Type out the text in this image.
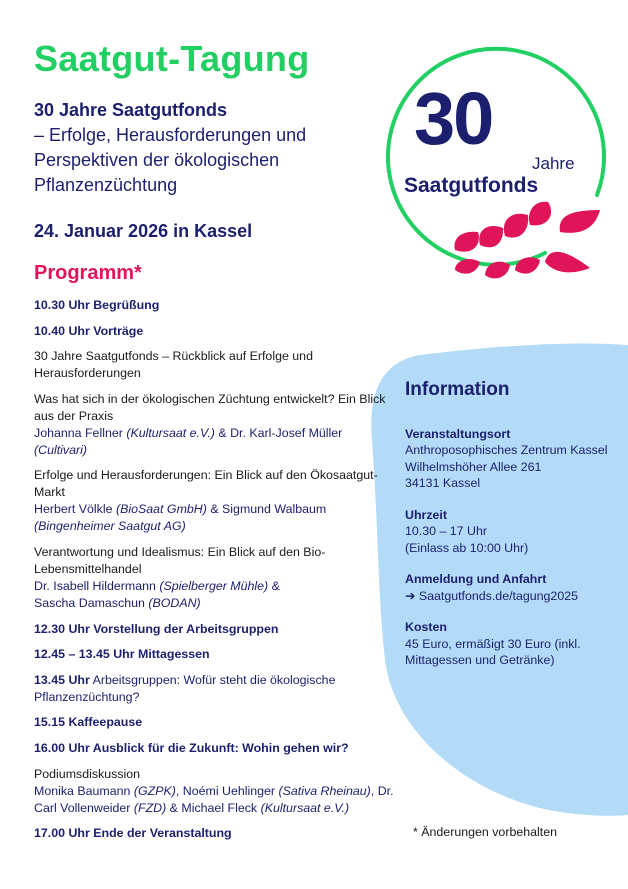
30
Jahre
Saatgutfonds
Saatgut-Tagung
30 Jahre Saatgutfonds
– Erfolge, Herausforderungen und Perspektiven der ökologischen Pflanzenzüchtung
24. Januar 2026 in Kassel
Programm*
10.30 Uhr Begrüßung
10.40 Uhr Vorträge
30 Jahre Saatgutfonds – Rückblick auf Erfolge und Herausforderungen
Was hat sich in der ökologischen Züchtung entwickelt? Ein Blick aus der Praxis
Johanna Fellner (Kultursaat e.V.) & Dr. Karl-Josef Müller (Cultivari)
Erfolge und Herausforderungen: Ein Blick auf den Ökosaatgut-Markt
Herbert Völkle (BioSaat GmbH) & Sigmund Walbaum (Bingenheimer Saatgut AG)
Verantwortung und Idealismus: Ein Blick auf den Bio-Lebensmittelhandel
Dr. Isabell Hildermann (Spielberger Mühle) & Sascha Damaschun (BODAN)
12.30 Uhr Vorstellung der Arbeitsgruppen
12.45 – 13.45 Uhr Mittagessen
13.45 Uhr Arbeitsgruppen: Wofür steht die ökologische Pflanzenzüchtung?
15.15 Kaffeepause
16.00 Uhr Ausblick für die Zukunft: Wohin gehen wir?
Podiumsdiskussion
Monika Baumann (GZPK), Noémi Uehlinger (Sativa Rheinau), Dr. Carl Vollenweider (FZD) & Michael Fleck (Kultursaat e.V.)
17.00 Uhr Ende der Veranstaltung
Information
Veranstaltungsort
Anthroposophisches Zentrum Kassel
Wilhelmshöher Allee 261
34131 Kassel
Uhrzeit
10.30 – 17 Uhr
(Einlass ab 10:00 Uhr)
Anmeldung und Anfahrt
➔ Saatgutfonds.de/tagung2025
Kosten
45 Euro, ermäßigt 30 Euro (inkl. Mittagessen und Getränke)
* Änderungen vorbehalten
